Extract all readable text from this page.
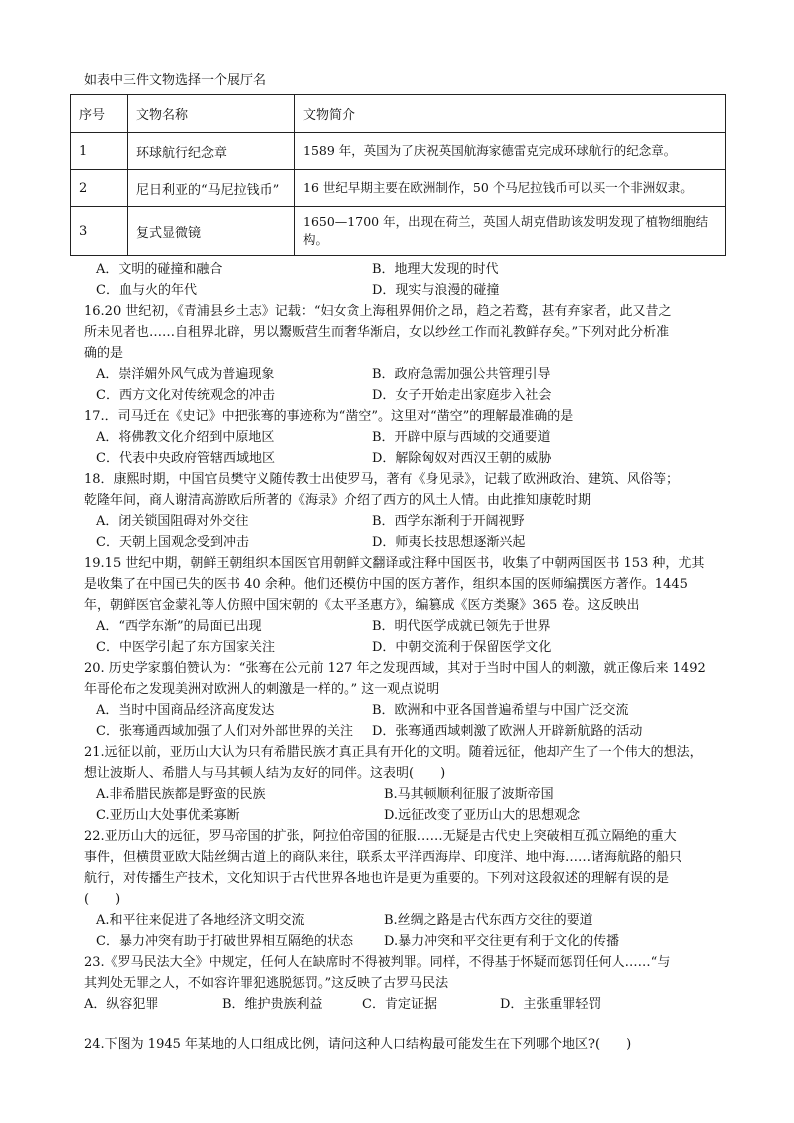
如表中三件文物选择一个展厅名
序号	文物名称	文物简介
1	环球航行纪念章	1589 年，英国为了庆祝英国航海家德雷克完成环球航行的纪念章。
2	尼日利亚的“马尼拉钱币”	16 世纪早期主要在欧洲制作，50 个马尼拉钱币可以买一个非洲奴隶。
3	复式显微镜	1650—1700 年，出现在荷兰，英国人胡克借助该发明发现了植物细胞结构。
A．文明的碰撞和融合	B．地理大发现的时代
C．血与火的年代	D．现实与浪漫的碰撞
16.20 世纪初，《青浦县乡土志》记载：“妇女贪上海租界佣价之昂，趋之若鹜，甚有弃家者，此又昔之
所未见者也……自租界北辟，男以鬻贩营生而奢华渐启，女以纱丝工作而礼教鲜存矣。”下列对此分析准
确的是
A．崇洋媚外风气成为普遍现象	B．政府急需加强公共管理引导
C．西方文化对传统观念的冲击	D．女子开始走出家庭步入社会
17.．司马迁在《史记》中把张骞的事迹称为“凿空”。这里对“凿空”的理解最准确的是
A．将佛教文化介绍到中原地区	B．开辟中原与西域的交通要道
C．代表中央政府管辖西域地区	D．解除匈奴对西汉王朝的威胁
18．康熙时期，中国官员樊守义随传教士出使罗马，著有《身见录》，记载了欧洲政治、建筑、风俗等；
乾隆年间，商人谢清高游欧后所著的《海录》介绍了西方的风土人情。由此推知康乾时期
A．闭关锁国阻碍对外交往	B．西学东渐利于开阔视野
C．天朝上国观念受到冲击	D．师夷长技思想逐渐兴起
19.15 世纪中期，朝鲜王朝组织本国医官用朝鲜文翻译或注释中国医书，收集了中朝两国医书 153 种，尤其
是收集了在中国已失的医书 40 余种。他们还模仿中国的医方著作，组织本国的医师编撰医方著作。1445
年，朝鲜医官金蒙礼等人仿照中国宋朝的《太平圣惠方》，编篡成《医方类聚》365 卷。这反映出
A．“西学东渐”的局面已出现	B．明代医学成就已领先于世界
C．中医学引起了东方国家关注	D．中朝交流利于保留医学文化
20. 历史学家翦伯赞认为：“张骞在公元前 127 年之发现西域，其对于当时中国人的刺激，就正像后来 1492
年哥伦布之发现美洲对欧洲人的刺激是一样的。” 这一观点说明
A．当时中国商品经济高度发达	B．欧洲和中亚各国普遍希望与中国广泛交流
C．张骞通西域加强了人们对外部世界的关注 D．张骞通西域刺激了欧洲人开辟新航路的活动
21.远征以前，亚历山大认为只有希腊民族才真正具有开化的文明。随着远征，他却产生了一个伟大的想法，
想让波斯人、希腊人与马其顿人结为友好的同伴。这表明(　　)
A.非希腊民族都是野蛮的民族	B.马其顿顺利征服了波斯帝国
C.亚历山大处事优柔寡断	D.远征改变了亚历山大的思想观念
22.亚历山大的远征，罗马帝国的扩张，阿拉伯帝国的征服……无疑是古代史上突破相互孤立隔绝的重大
事件，但横贯亚欧大陆丝绸古道上的商队来往，联系太平洋西海岸、印度洋、地中海……诸海航路的船只
航行，对传播生产技术，文化知识于古代世界各地也许是更为重要的。下列对这段叙述的理解有误的是
(　　)
A.和平往来促进了各地经济文明交流	B.丝绸之路是古代东西方交往的要道
C．暴力冲突有助于打破世界相互隔绝的状态 D.暴力冲突和平交往更有利于文化的传播
23.《罗马民法大全》中规定，任何人在缺席时不得被判罪。同样，不得基于怀疑而惩罚任何人……“与
其判处无罪之人，不如容许罪犯逃脱惩罚。”这反映了古罗马民法
A．纵容犯罪	B．维护贵族利益	C．肯定证据	D．主张重罪轻罚
24.下图为 1945 年某地的人口组成比例，请问这种人口结构最可能发生在下列哪个地区?(　　)
